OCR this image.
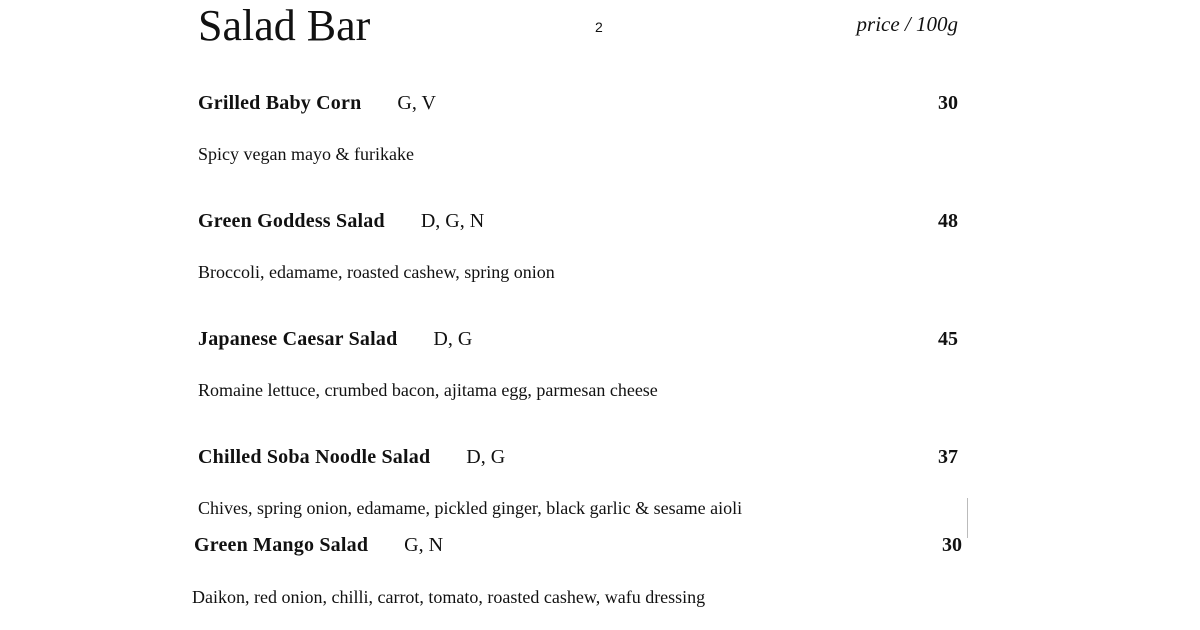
Salad Bar	2	price / 100g
Grilled Baby Corn G, V	30
Spicy vegan mayo & furikake
Green Goddess Salad D, G, N	48
Broccoli, edamame, roasted cashew, spring onion
Japanese Caesar Salad D, G	45
Romaine lettuce, crumbed bacon, ajitama egg, parmesan cheese
Chilled Soba Noodle Salad D, G	37
Chives, spring onion, edamame, pickled ginger, black garlic & sesame aioli
Green Mango Salad G, N	30
Daikon, red onion, chilli, carrot, tomato, roasted cashew, wafu dressing
